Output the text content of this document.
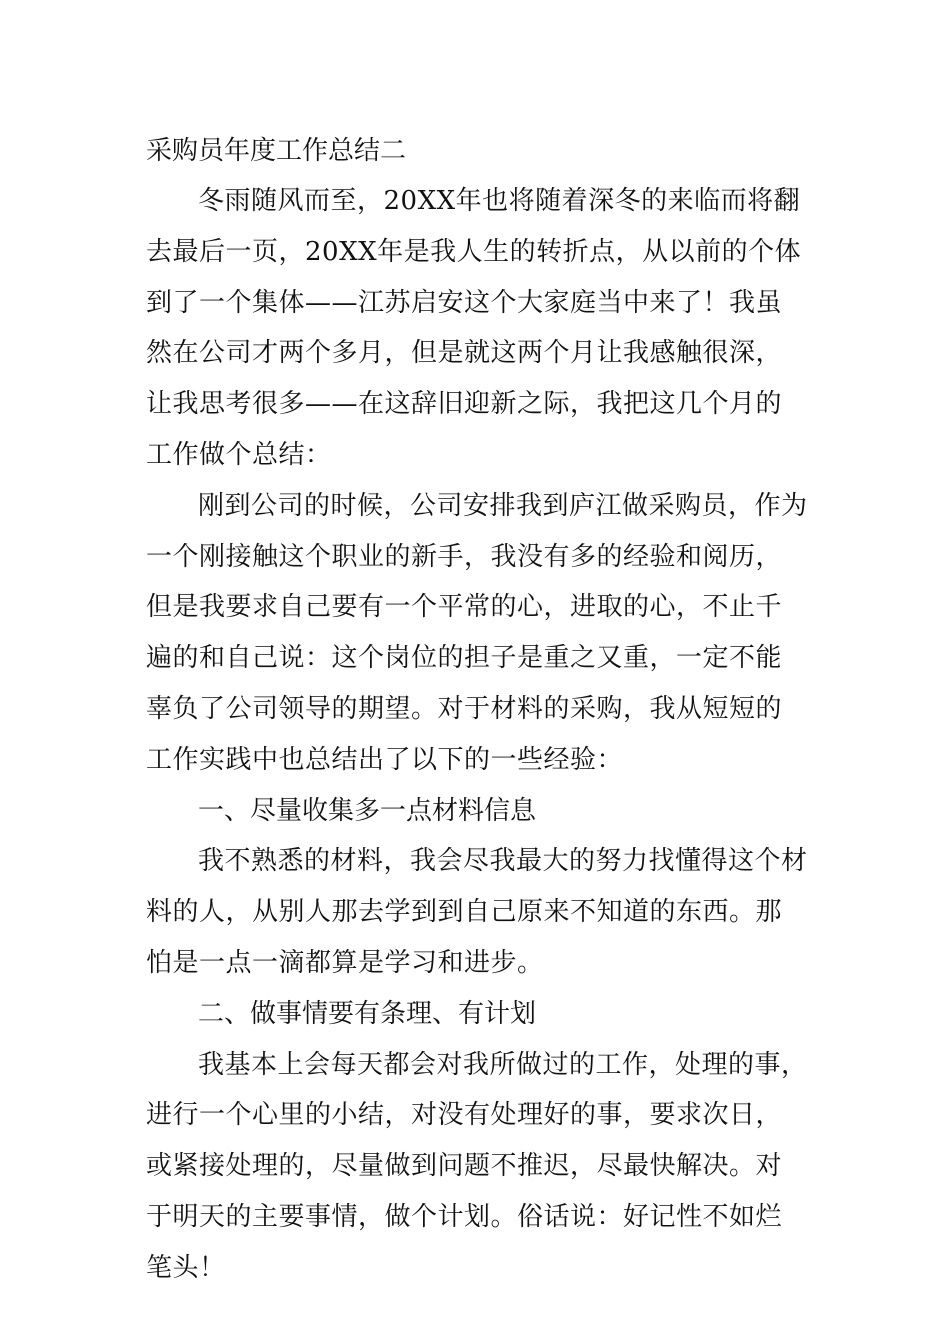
采购员年度工作总结二

冬雨随风而至，20XX年也将随着深冬的来临而将翻去最后一页，20XX年是我人生的转折点，从以前的个体到了一个集体——江苏启安这个大家庭当中来了！我虽然在公司才两个多月，但是就这两个月让我感触很深，让我思考很多——在这辞旧迎新之际，我把这几个月的工作做个总结：

刚到公司的时候，公司安排我到庐江做采购员，作为一个刚接触这个职业的新手，我没有多的经验和阅历，但是我要求自己要有一个平常的心，进取的心，不止千遍的和自己说：这个岗位的担子是重之又重，一定不能辜负了公司领导的期望。对于材料的采购，我从短短的工作实践中也总结出了以下的一些经验：

一、尽量收集多一点材料信息

我不熟悉的材料，我会尽我最大的努力找懂得这个材料的人，从别人那去学到到自己原来不知道的东西。那怕是一点一滴都算是学习和进步。

二、做事情要有条理、有计划

我基本上会每天都会对我所做过的工作，处理的事，进行一个心里的小结，对没有处理好的事，要求次日，或紧接处理的，尽量做到问题不推迟，尽最快解决。对于明天的主要事情，做个计划。俗话说：好记性不如烂笔头！
